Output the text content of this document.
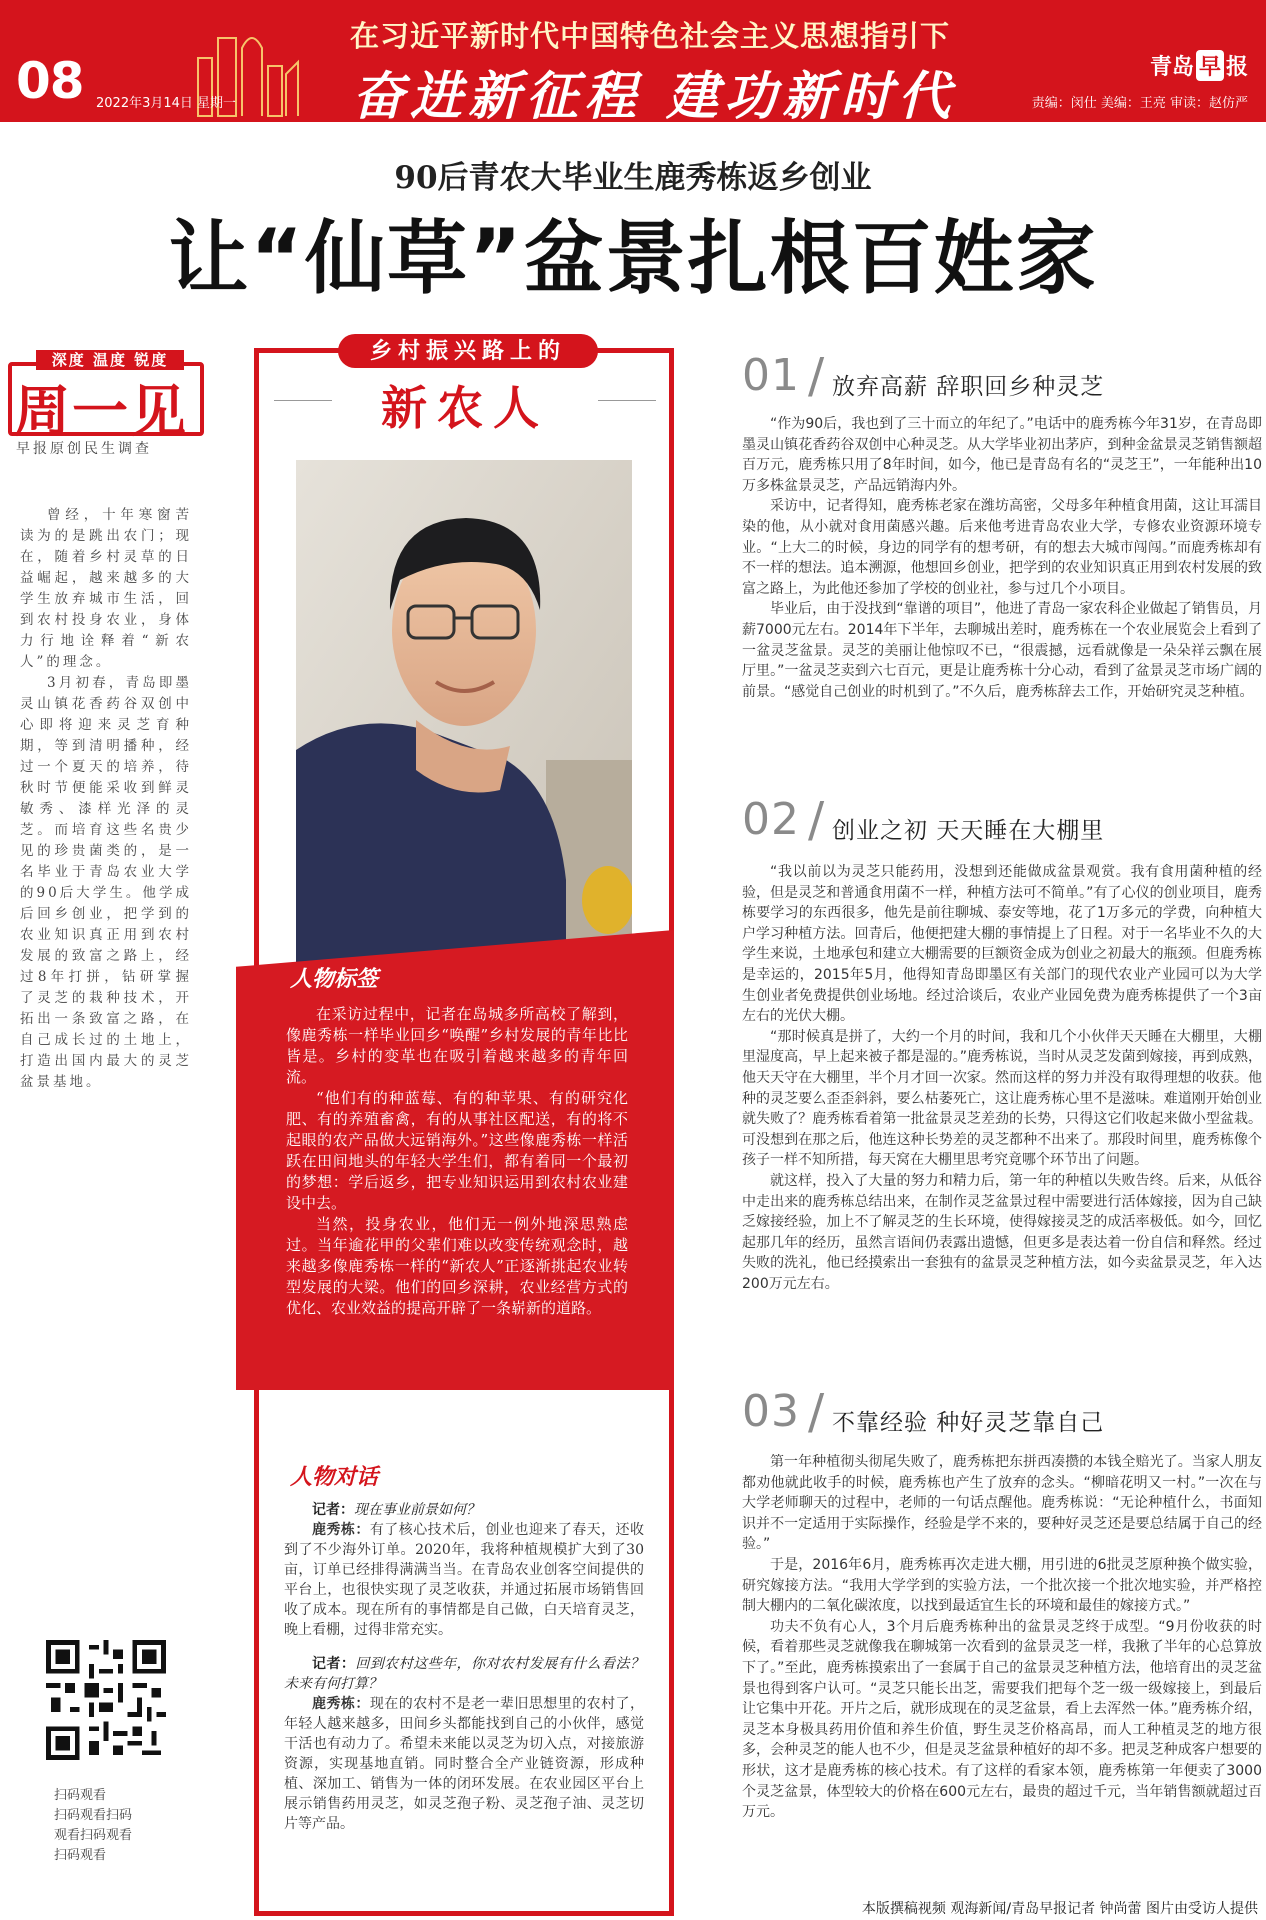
08 2022年3月14日 星期一
在习近平新时代中国特色社会主义思想指引下
奋进新征程 建功新时代	青岛 早 报
责编：闵仕 美编：王亮 审读：赵仿严
90后青农大毕业生鹿秀栋返乡创业
让“仙草”盆景扎根百姓家
深度 温度 锐度
周一见
早报原创民生调查

曾经，十年寒窗苦读为的是跳出农门；现在，随着乡村灵草的日益崛起，越来越多的大学生放弃城市生活，回到农村投身农业，身体力行地诠释着“新农人”的理念。

3月初春，青岛即墨灵山镇花香药谷双创中心即将迎来灵芝育种期，等到清明播种，经过一个夏天的培养，待秋时节便能采收到鲜灵敏秀、漆样光泽的灵芝。而培育这些名贵少见的珍贵菌类的，是一名毕业于青岛农业大学的90后大学生。他学成后回乡创业，把学到的农业知识真正用到农村发展的致富之路上，经过8年打拼，钻研掌握了灵芝的栽种技术，开拓出一条致富之路，在自己成长过的土地上，打造出国内最大的灵芝盆景基地。

扫码观看
扫码观看扫码
观看扫码观看
扫码观看
乡村振兴路上的
新农人
人物标签

在采访过程中，记者在岛城多所高校了解到，像鹿秀栋一样毕业回乡“唤醒”乡村发展的青年比比皆是。乡村的变革也在吸引着越来越多的青年回流。

“他们有的种蓝莓、有的种苹果、有的研究化肥、有的养殖畜禽，有的从事社区配送，有的将不起眼的农产品做大远销海外。”这些像鹿秀栋一样活跃在田间地头的年轻大学生们，都有着同一个最初的梦想：学后返乡，把专业知识运用到农村农业建设中去。

当然，投身农业，他们无一例外地深思熟虑过。当年逾花甲的父辈们难以改变传统观念时，越来越多像鹿秀栋一样的“新农人”正逐渐挑起农业转型发展的大梁。他们的回乡深耕，农业经营方式的优化、农业效益的提高开辟了一条崭新的道路。

人物对话

记者：现在事业前景如何？

鹿秀栋：有了核心技术后，创业也迎来了春天，还收到了不少海外订单。2020年，我将种植规模扩大到了30亩，订单已经排得满满当当。在青岛农业创客空间提供的平台上，也很快实现了灵芝收获，并通过拓展市场销售回收了成本。现在所有的事情都是自己做，白天培育灵芝，晚上看棚，过得非常充实。

记者：回到农村这些年，你对农村发展有什么看法？未来有何打算？

鹿秀栋：现在的农村不是老一辈旧思想里的农村了，年轻人越来越多，田间乡头都能找到自己的小伙伴，感觉干活也有动力了。希望未来能以灵芝为切入点，对接旅游资源，实现基地直销。同时整合全产业链资源，形成种植、深加工、销售为一体的闭环发展。在农业园区平台上展示销售药用灵芝，如灵芝孢子粉、灵芝孢子油、灵芝切片等产品。

01 / 放弃高薪 辞职回乡种灵芝

“作为90后，我也到了三十而立的年纪了。”电话中的鹿秀栋今年31岁，在青岛即墨灵山镇花香药谷双创中心种灵芝。从大学毕业初出茅庐，到种金盆景灵芝销售额超百万元，鹿秀栋只用了8年时间，如今，他已是青岛有名的“灵芝王”，一年能种出10万多株盆景灵芝，产品远销海内外。

采访中，记者得知，鹿秀栋老家在潍坊高密，父母多年种植食用菌，这让耳濡目染的他，从小就对食用菌感兴趣。后来他考进青岛农业大学，专修农业资源环境专业。“上大二的时候，身边的同学有的想考研，有的想去大城市闯闯。”而鹿秀栋却有不一样的想法。追本溯源，他想回乡创业，把学到的农业知识真正用到农村发展的致富之路上，为此他还参加了学校的创业社，参与过几个小项目。

毕业后，由于没找到“靠谱的项目”，他进了青岛一家农科企业做起了销售员，月薪7000元左右。2014年下半年，去聊城出差时，鹿秀栋在一个农业展览会上看到了一盆灵芝盆景。灵芝的美丽让他惊叹不已，“很震撼，远看就像是一朵朵祥云飘在展厅里。”一盆灵芝卖到六七百元，更是让鹿秀栋十分心动，看到了盆景灵芝市场广阔的前景。“感觉自己创业的时机到了。”不久后，鹿秀栋辞去工作，开始研究灵芝种植。

02 / 创业之初 天天睡在大棚里

“我以前以为灵芝只能药用，没想到还能做成盆景观赏。我有食用菌种植的经验，但是灵芝和普通食用菌不一样，种植方法可不简单。”有了心仪的创业项目，鹿秀栋要学习的东西很多，他先是前往聊城、泰安等地，花了1万多元的学费，向种植大户学习种植方法。回青后，他便把建大棚的事情提上了日程。对于一名毕业不久的大学生来说，土地承包和建立大棚需要的巨额资金成为创业之初最大的瓶颈。但鹿秀栋是幸运的，2015年5月，他得知青岛即墨区有关部门的现代农业产业园可以为大学生创业者免费提供创业场地。经过洽谈后，农业产业园免费为鹿秀栋提供了一个3亩左右的光伏大棚。

“那时候真是拼了，大约一个月的时间，我和几个小伙伴天天睡在大棚里，大棚里湿度高，早上起来被子都是湿的。”鹿秀栋说，当时从灵芝发菌到嫁接，再到成熟，他天天守在大棚里，半个月才回一次家。然而这样的努力并没有取得理想的收获。他种的灵芝要么歪歪斜斜，要么枯萎死亡，这让鹿秀栋心里不是滋味。难道刚开始创业就失败了？鹿秀栋看着第一批盆景灵芝差劲的长势，只得这它们收起来做小型盆栽。可没想到在那之后，他连这种长势差的灵芝都种不出来了。那段时间里，鹿秀栋像个孩子一样不知所措，每天窝在大棚里思考究竟哪个环节出了问题。

就这样，投入了大量的努力和精力后，第一年的种植以失败告终。后来，从低谷中走出来的鹿秀栋总结出来，在制作灵芝盆景过程中需要进行活体嫁接，因为自己缺乏嫁接经验，加上不了解灵芝的生长环境，使得嫁接灵芝的成活率极低。如今，回忆起那几年的经历，虽然言语间仍表露出遗憾，但更多是表达着一份自信和释然。经过失败的洗礼，他已经摸索出一套独有的盆景灵芝种植方法，如今卖盆景灵芝，年入达200万元左右。

03 / 不靠经验 种好灵芝靠自己

第一年种植彻头彻尾失败了，鹿秀栋把东拼西凑攒的本钱全赔光了。当家人朋友都劝他就此收手的时候，鹿秀栋也产生了放弃的念头。“柳暗花明又一村。”一次在与大学老师聊天的过程中，老师的一句话点醒他。鹿秀栋说：“无论种植什么，书面知识并不一定适用于实际操作，经验是学不来的，要种好灵芝还是要总结属于自己的经验。”

于是，2016年6月，鹿秀栋再次走进大棚，用引进的6批灵芝原种换个做实验，研究嫁接方法。“我用大学学到的实验方法，一个批次接一个批次地实验，并严格控制大棚内的二氧化碳浓度，以找到最适宜生长的环境和最佳的嫁接方式。”

功夫不负有心人，3个月后鹿秀栋种出的盆景灵芝终于成型。“9月份收获的时候，看着那些灵芝就像我在聊城第一次看到的盆景灵芝一样，我揪了半年的心总算放下了。”至此，鹿秀栋摸索出了一套属于自己的盆景灵芝种植方法，他培育出的灵芝盆景也得到客户认可。“灵芝只能长出芝，需要我们把每个芝一级一级嫁接上，到最后让它集中开花。开片之后，就形成现在的灵芝盆景，看上去浑然一体。”鹿秀栋介绍，灵芝本身极具药用价值和养生价值，野生灵芝价格高昂，而人工种植灵芝的地方很多，会种灵芝的能人也不少，但是灵芝盆景种植好的却不多。把灵芝种成客户想要的形状，这才是鹿秀栋的核心技术。有了这样的看家本领，鹿秀栋第一年便卖了3000个灵芝盆景，体型较大的价格在600元左右，最贵的超过千元，当年销售额就超过百万元。

本版撰稿视频 观海新闻/青岛早报记者 钟尚蕾 图片由受访人提供
